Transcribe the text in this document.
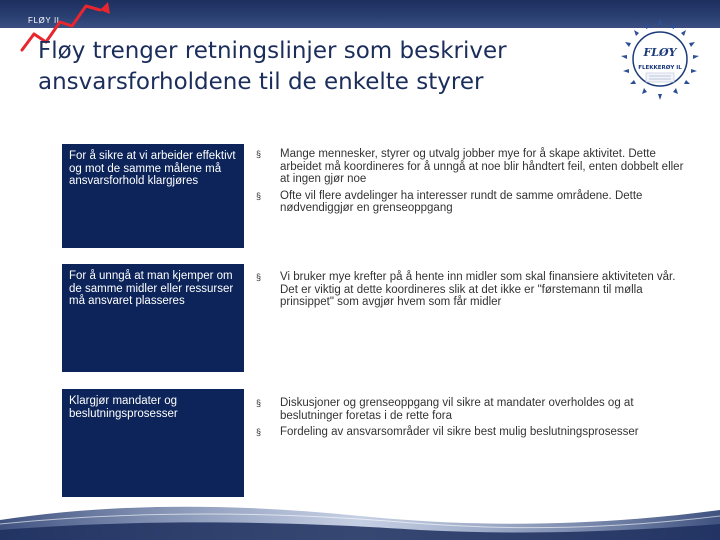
FLØY IL
Fløy trenger retningslinjer som beskriver ansvarsforholdene til de enkelte styrer
FLØY
FLEKKERØY IL
For å sikre at vi arbeider effektivt og mot de samme målene må ansvarsforhold klargjøres
§ Mange mennesker, styrer og utvalg jobber mye for å skape aktivitet. Dette arbeidet må koordineres for å unngå at noe blir håndtert feil, enten dobbelt eller at ingen gjør noe
§ Ofte vil flere avdelinger ha interesser rundt de samme områdene. Dette nødvendiggjør en grenseoppgang
For å unngå at man kjemper om de samme midler eller ressurser må ansvaret plasseres
§ Vi bruker mye krefter på å hente inn midler som skal finansiere aktiviteten vår. Det er viktig at dette koordineres slik at det ikke er "førstemann til mølla prinsippet" som avgjør hvem som får midler
Klargjør mandater og beslutningsprosesser
§ Diskusjoner og grenseoppgang vil sikre at mandater overholdes og at beslutninger foretas i de rette fora
§ Fordeling av ansvarsområder vil sikre best mulig beslutningsprosesser
